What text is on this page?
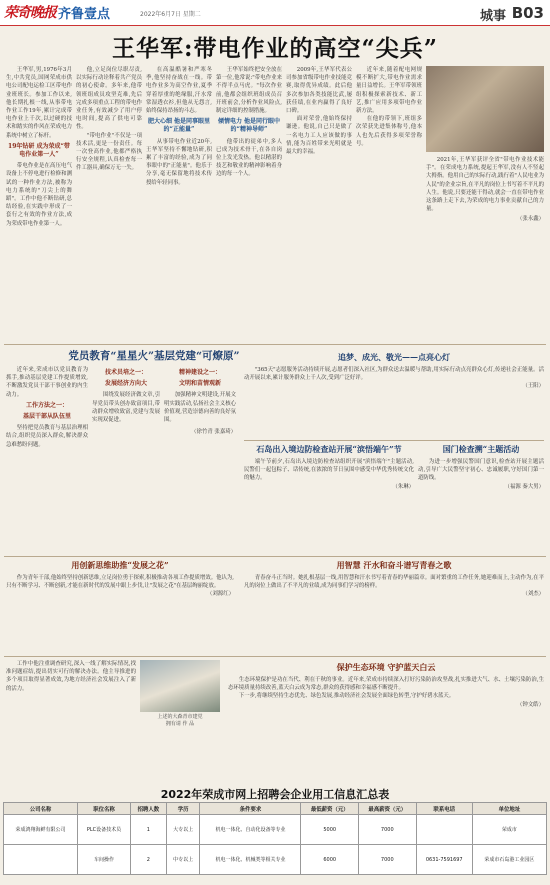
荣奇晚报 齐鲁壹点	2022年6月7日 星期二	城事 B03
王华军:带电作业的高空“尖兵”
王华军,男,1976年3月生,中共党员,国网荣成市供电公司配电运检工区带电作业班班长。参加工作以来,他长期扎根一线,从事带电作业工作19年,累计完成带电作业上千次,以过硬的技术和踏实的作风在荣成电力系统中树立了标杆。
19年钻研 成为荣成“带电作业第一人”
带电作业是在高压电气设备上不停电进行检修和测试的一种作业方法,被称为电力系统的"刀尖上的舞蹈"。工作中他不断钻研,总结经验,在实践中形成了一套行之有效的作业方法,成为荣成带电作业第一人。
他,立足岗位尽职尽责,以实际行动诠释着共产党员的初心使命。多年来,他带领班组成员攻坚克难,先后完成多项重点工程的带电作业任务,有效减少了用户停电时间,提高了供电可靠性。
"带电作业"不仅是一项技术活,更是一份责任。每一次登高作业,他都严格执行安全规程,认真检查每一件工器具,确保万无一失。
在高温酷暑和严寒冬季,他坚持奋战在一线。带电作业多为高空作业,夏季穿着厚重的绝缘服,汗水常常湿透衣衫,但他从无怨言,始终保持昂扬的斗志。
肥大心细 他是同事眼里的“正能量”
从事带电作业近20年,王华军坚持不懈地钻研,积累了丰富的经验,成为了同事眼中的"正能量"。他乐于分享,毫无保留地将技术传授给年轻同事。
王华军始终把安全放在第一位,他常说:"带电作业来不得半点马虎。"每次作业前,他都会组织班组成员召开班前会,分析作业风险点,制定详细的控制措施。
倾情电力 他是同行眼中的“精神导师”
他带出的徒弟中,多人已成为技术骨干,在各自岗位上发光发热。他以精湛的技艺和敬业的精神影响着身边的每一个人。
2009年,王华军代表公司参加省级带电作业技能竞赛,取得优异成绩。此后他多次参加各类技能比武,屡获佳绩,在业内赢得了良好口碑。
面对荣誉,他始终保持谦逊。他说,自己只是做了一名电力工人应该做的事情,能为百姓带来光明就是最大的幸福。
近年来,随着配电网规模不断扩大,带电作业需求量日益增长。王华军带领班组积极探索新技术、新工艺,推广应用多项带电作业新方法。
在他的带领下,班组多次荣获先进集体称号,他本人也先后获得多项荣誉称号。
2021年,王华军获评全省"带电作业技术能手"。在荣成电力系统,提起王华军,没有人不竖起大拇指。他用自己的实际行动,践行着"人民电业为人民"的企业宗旨,在平凡的岗位上书写着不平凡的人生。他说,只要还能干得动,就会一直在带电作业这条路上走下去,为荣成的电力事业贡献自己的力量。
（张永鑫）
党员教育“星星火”基层党建“可燎原”
近年来,荣成市以党员教育为抓手,推动基层党建工作提质增效,不断激发党员干部干事创业的内生动力。
工作方法之一：
基层干部从队伍里
坚持把党员教育与基层治理相结合,组织党员深入群众,解决群众急难愁盼问题。
技术员培之一：
发展经济方向大
围绕发展经济做文章,引导党员带头创办致富项目,带动群众增收致富,党建与发展实现双促进。
精神建设之一：
文明和苗情观新
加强精神文明建设,开展文明实践活动,弘扬社会主义核心价值观,营造崇德向善的良好氛围。
（徐竹青 张嘉琦）
追梦、成光、敬光——点亮心灯
"365天"志愿服务活动持续开展,志愿者们深入社区,为群众送去温暖与帮助,用实际行动点亮群众心灯,传递社会正能量。活动开展以来,累计服务群众上千人次,受到广泛好评。
（王阳）
石岛出入境边防检查站开展“滨悟端午”节
端午节前夕,石岛出入境边防检查站组织开展"滨悟端午"主题活动,民警们一起包粽子、话传统,在浓浓的节日氛围中感受中华优秀传统文化的魅力。
（朱琳）
国门检查溯“主题活动
为进一步增强民警国门意识,检查站开展主题活动,引导广大民警坚守初心、忠诚履职,守好国门第一道防线。
（福源 秦大男）
用创新思维助推“发展之花”
作为青年干部,他始终坚持创新思维,立足岗位勇于探索,积极推动各项工作提质增效。他认为,只有不断学习、不断创新,才能在新时代的发展中跟上步伐,让"发展之花"在基层绚丽绽放。
（刘源红）
用智慧 汗水和奋斗谱写青春之歌
青春奋斗正当时。她扎根基层一线,用智慧和汗水书写着青春的华丽篇章。面对繁重的工作任务,她迎难而上,主动作为,在平凡的岗位上做出了不平凡的业绩,成为同事们学习的榜样。
（刘杰）
上述的大森青市建党
拥有请 作 品
工作中他注重调查研究,深入一线了解实际情况,找准问题症结,提出切实可行的解决办法。他主导推进的多个项目取得显著成效,为地方经济社会发展注入了新的活力。
保护生态环境 守护蓝天白云
生态环境保护是功在当代、利在千秋的事业。近年来,荣成市持续深入打好污染防治攻坚战,扎实推进大气、水、土壤污染防治,生态环境质量持续改善,蓝天白云成为常态,群众的获得感和幸福感不断提升。
下一步,将继续坚持生态优先、绿色发展,推动经济社会发展全面绿色转型,守护好碧水蓝天。
（钟文皓）
2022年荣成市网上招聘会企业用工信息汇总表
公司名称	职位名称	招聘人数	学历	条件要求	最低薪资（元）	最高薪资（元）	联系电话	单位地址
荣成鸿翔海鲜有限公司	PLC设备技术员	1	大专以上	机电一体化、自动化设备等专业	5000	7000		荣成市
	车间操作	2	中专以上	机电一体化、机械类等相关专业	6000	7000	0631-7591697	荣成市石岛港工业园区
